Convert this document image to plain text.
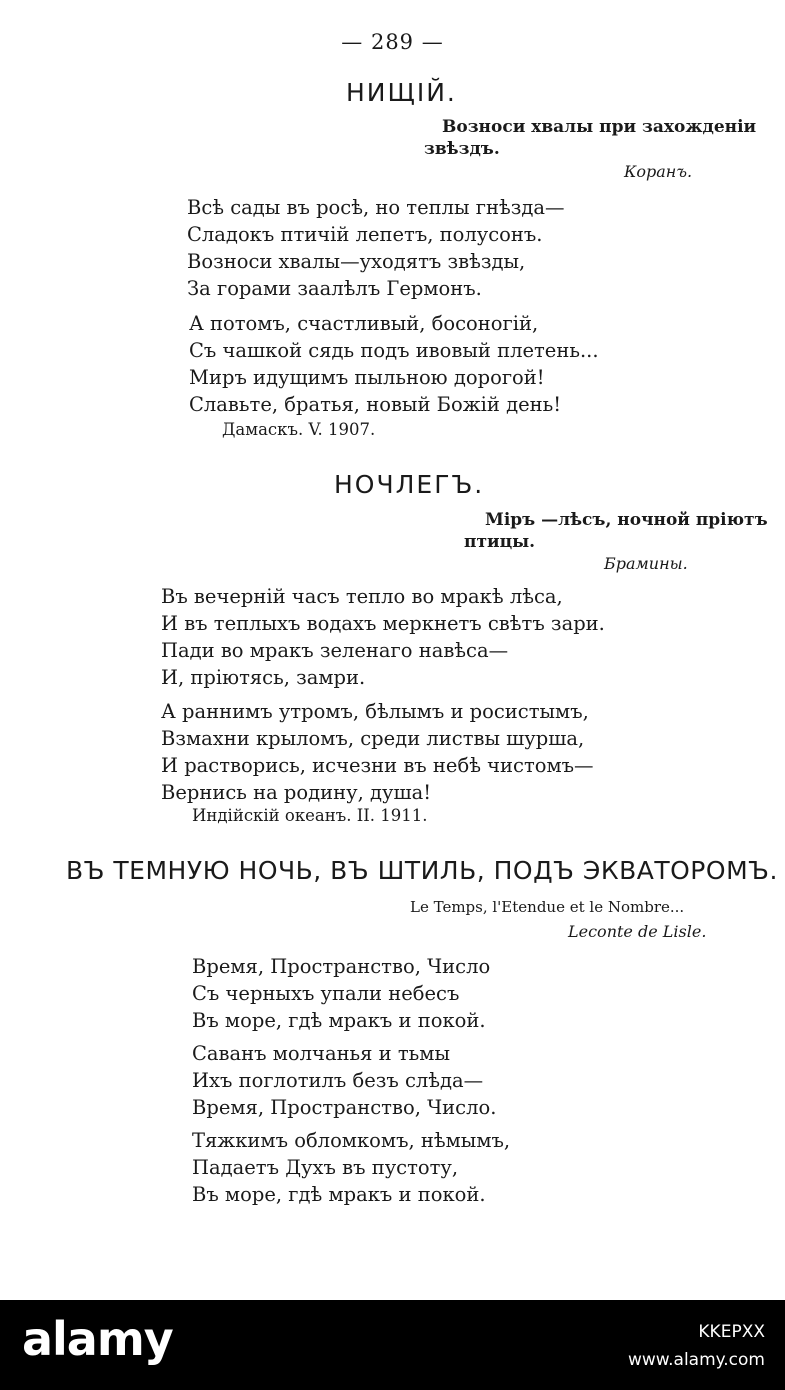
— 289 —
НИЩІЙ.
Возноси хвалы при захожденіи
звѣздъ.
Коранъ.
Всѣ сады въ росѣ, но теплы гнѣзда—
Сладокъ птичій лепетъ, полусонъ.
Возноси хвалы—уходятъ звѣзды,
За горами заалѣлъ Гермонъ.
А потомъ, счастливый, босоногій,
Съ чашкой сядь подъ ивовый плетень...
Миръ идущимъ пыльною дорогой!
Славьте, братья, новый Божій день!
Дамаскъ. V. 1907.
НОЧЛЕГЪ.
Міръ —лѣсъ, ночной пріютъ
птицы.
Брамины.
Въ вечерній часъ тепло во мракѣ лѣса,
И въ теплыхъ водахъ меркнетъ свѣтъ зари.
Пади во мракъ зеленаго навѣса—
И, пріютясь, замри.
А раннимъ утромъ, бѣлымъ и росистымъ,
Взмахни крыломъ, среди листвы шурша,
И растворись, исчезни въ небѣ чистомъ—
Вернись на родину, душа!
Индійскій океанъ. II. 1911.
ВЪ ТЕМНУЮ НОЧЬ, ВЪ ШТИЛЬ, ПОДЪ ЭКВАТОРОМЪ.
Le Temps, l'Etendue et le Nombre...
Leconte de Lisle.
Время, Пространство, Число
Съ черныхъ упали небесъ
Въ море, гдѣ мракъ и покой.
Саванъ молчанья и тьмы
Ихъ поглотилъ безъ слѣда—
Время, Пространство, Число.
Тяжкимъ обломкомъ, нѣмымъ,
Падаетъ Духъ въ пустоту,
Въ море, гдѣ мракъ и покой.
alamy	KKEPXX
www.alamy.com
